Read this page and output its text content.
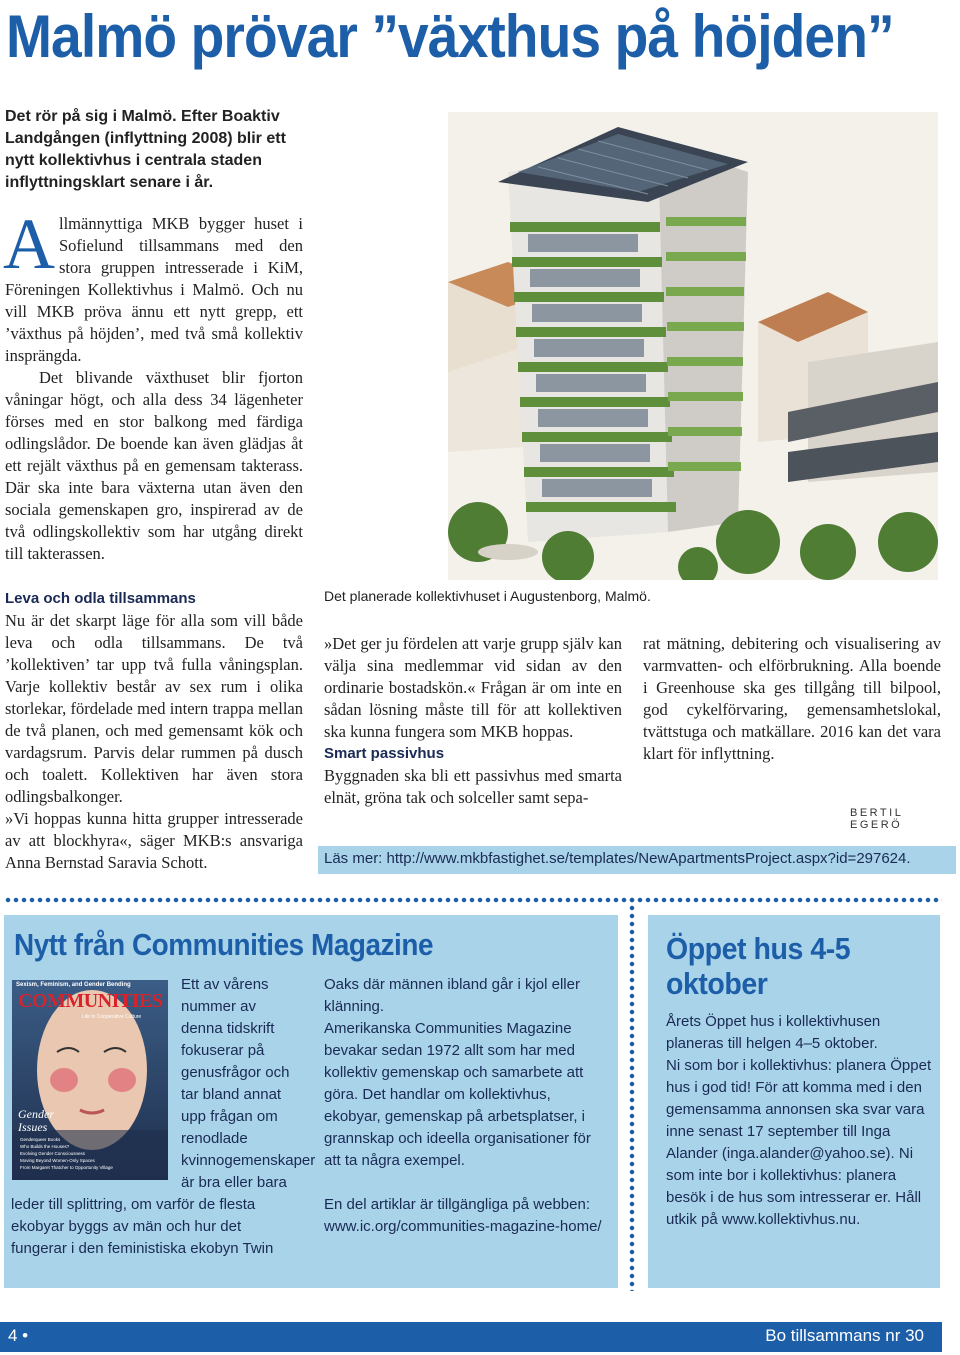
Malmö prövar ”växthus på höjden”
Det rör på sig i Malmö. Efter Boaktiv Landgången (inflyttning 2008) blir ett nytt kollektivhus i centrala staden inflyttningsklart senare i år.

Allmännyttiga MKB bygger huset i Sofielund tillsammans med den stora gruppen intresserade i KiM, Föreningen Kollektivhus i Malmö. Och nu vill MKB pröva ännu ett nytt grepp, ett ’växthus på höjden’, med två små kollektiv insprängda.

Det blivande växthuset blir fjorton våningar högt, och alla dess 34 lägenheter förses med en stor balkong med färdiga odlingslådor. De boende kan även glädjas åt ett rejält växthus på en gemensam takterass. Där ska inte bara växterna utan även den sociala gemenskapen gro, inspirerad av de två odlingskollektiv som har utgång direkt till takterassen.

Det planerade kollektivhuset i Augustenborg, Malmö.
Leva och odla tillsammans

Nu är det skarpt läge för alla som vill både leva och odla tillsammans. De två ’kollektiven’ tar upp två fulla våningsplan. Varje kollektiv består av sex rum i olika storlekar, fördelade med intern trappa mellan de två planen, och med gemensamt kök och vardagsrum. Parvis delar rummen på dusch och toalett. Kollektiven har även stora odlingsbalkonger.

»Vi hoppas kunna hitta grupper intresserade av att blockhyra«, säger MKB:s ansvariga Anna Bernstad Saravia Schott.

»Det ger ju fördelen att varje grupp själv kan välja sina medlemmar vid sidan av den ordinarie bostadskön.« Frågan är om inte en sådan lösning måste till för att kollektiven ska kunna fungera som MKB hoppas.

Smart passivhus

Byggnaden ska bli ett passivhus med smarta elnät, gröna tak och solceller samt sepa-

rat mätning, debitering och visualisering av varmvatten- och elförbrukning. Alla boende i Greenhouse ska ges tillgång till bilpool, god cykelförvaring, gemensamhetslokal, tvättstuga och matkällare. 2016 kan det vara klart för inflyttning.

BERTIL EGERÖ
Läs mer: http://www.mkbfastighet.se/templates/NewApartmentsProject.aspx?id=297624.
Nytt från Communities Magazine
Ett av vårens nummer av denna tidskrift fokuserar på genusfrågor och tar bland annat upp frågan om renodlade kvinnogemenskaper är bra eller bara
leder till splittring, om varför de flesta ekobyar byggs av män och hur det fungerar i den feministiska ekobyn Twin

Oaks där männen ibland går i kjol eller klänning.

Amerikanska Communities Magazine bevakar sedan 1972 allt som har med kollektiv gemenskap och samarbete att göra. Det handlar om kollektivhus, ekobyar, gemenskap på arbetsplatser, i grannskap och ideella organisationer för att ta några exempel.

En del artiklar är tillgängliga på webben: www.ic.org/communities-magazine-home/

Sexism, Feminism, and Gender Bending
COMMUNITIES
Life in Cooperative Culture
Gender Issues
Genderqueer Books
Who Builds the Houses?
Evolving Gender Consciousness
Moving Beyond Women-Only Spaces
From Margaret Thatcher to Opportunity Village
Öppet hus 4-5 oktober

Årets Öppet hus i kollektivhusen planeras till helgen 4–5 oktober.

Ni som bor i kollektivhus: planera Öppet hus i god tid! För att komma med i den gemensamma annonsen ska svar vara inne senast 17 september till Inga Alander (inga.alander@yahoo.se). Ni som inte bor i kollektivhus: planera besök i de hus som intresserar er. Håll utkik på www.kollektivhus.nu.

4 •	Bo tillsammans nr 30
